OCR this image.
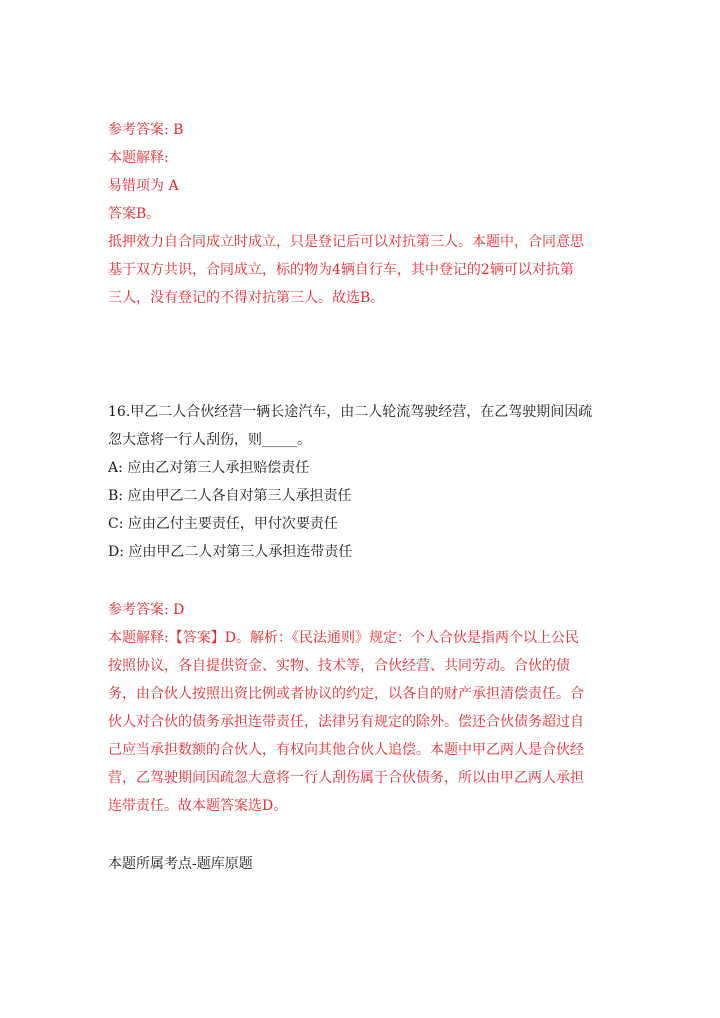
参考答案: B
本题解释:
易错项为 A
答案B。
抵押效力自合同成立时成立，只是登记后可以对抗第三人。本题中，合同意思
基于双方共识，合同成立，标的物为4辆自行车，其中登记的2辆可以对抗第
三人，没有登记的不得对抗第三人。故选B。
16.甲乙二人合伙经营一辆长途汽车，由二人轮流驾驶经营，在乙驾驶期间因疏
忽大意将一行人刮伤，则_____。
A: 应由乙对第三人承担赔偿责任
B: 应由甲乙二人各自对第三人承担责任
C: 应由乙付主要责任，甲付次要责任
D: 应由甲乙二人对第三人承担连带责任
参考答案: D
本题解释:【答案】D。解析：《民法通则》规定：个人合伙是指两个以上公民
按照协议，各自提供资金、实物、技术等，合伙经营、共同劳动。合伙的债
务，由合伙人按照出资比例或者协议的约定，以各自的财产承担清偿责任。合
伙人对合伙的债务承担连带责任，法律另有规定的除外。偿还合伙债务超过自
己应当承担数额的合伙人，有权向其他合伙人追偿。本题中甲乙两人是合伙经
营，乙驾驶期间因疏忽大意将一行人刮伤属于合伙债务，所以由甲乙两人承担
连带责任。故本题答案选D。
本题所属考点-题库原题
